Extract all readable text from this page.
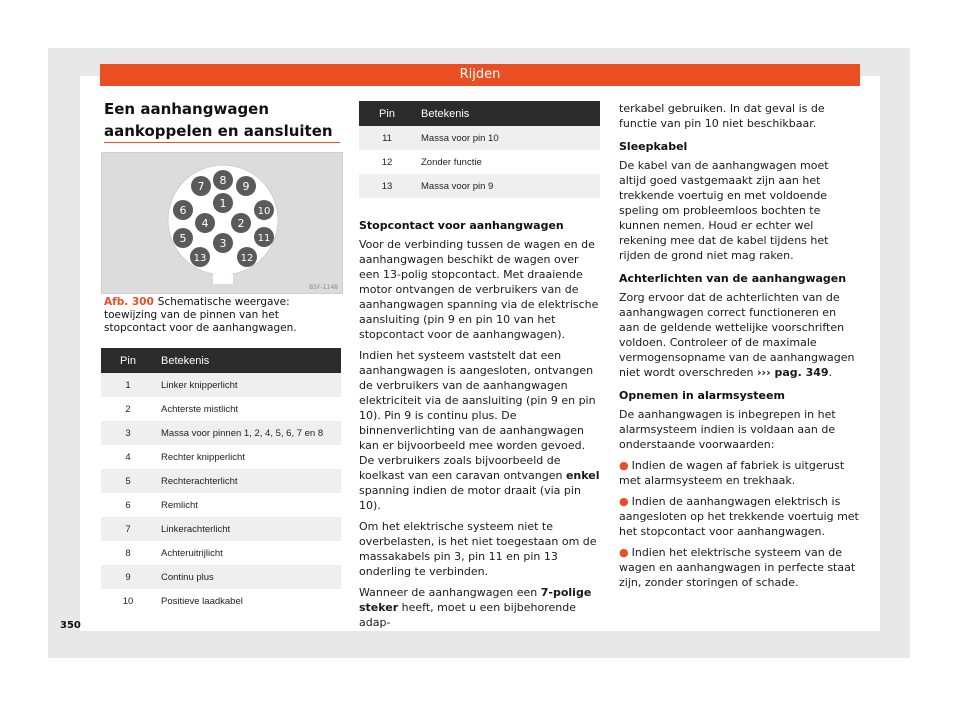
Rijden
Een aanhangwagen aankoppelen en aansluiten
1
2
3
4
5
6
7 8 9
10
11
12
13
B5F-1148
Afb. 300 Schematische weergave: toewijzing van de pinnen van het stopcontact voor de aanhangwagen.
Pin	Betekenis
1	Linker knipperlicht
2	Achterste mistlicht
3	Massa voor pinnen 1, 2, 4, 5, 6, 7 en 8
4	Rechter knipperlicht
5	Rechterachterlicht
6	Remlicht
7	Linkerachterlicht
8	Achteruitrijlicht
9	Continu plus
10	Positieve laadkabel
Pin	Betekenis
11	Massa voor pin 10
12	Zonder functie
13	Massa voor pin 9
Stopcontact voor aanhangwagen

Voor de verbinding tussen de wagen en de aanhangwagen beschikt de wagen over een 13-polig stopcontact. Met draaiende motor ontvangen de verbruikers van de aanhangwagen spanning via de elektrische aansluiting (pin 9 en pin 10 van het stopcontact voor de aanhangwagen).

Indien het systeem vaststelt dat een aanhangwagen is aangesloten, ontvangen de verbruikers van de aanhangwagen elektriciteit via de aansluiting (pin 9 en pin 10). Pin 9 is continu plus. De binnenverlichting van de aanhangwagen kan er bijvoorbeeld mee worden gevoed. De verbruikers zoals bijvoorbeeld de koelkast van een caravan ontvangen enkel spanning indien de motor draait (via pin 10).

Om het elektrische systeem niet te overbelasten, is het niet toegestaan om de massakabels pin 3, pin 11 en pin 13 onderling te verbinden.

Wanneer de aanhangwagen een 7-polige steker heeft, moet u een bijbehorende adap-

terkabel gebruiken. In dat geval is de functie van pin 10 niet beschikbaar.

Sleepkabel

De kabel van de aanhangwagen moet altijd goed vastgemaakt zijn aan het trekkende voertuig en met voldoende speling om probleemloos bochten te kunnen nemen. Houd er echter wel rekening mee dat de kabel tijdens het rijden de grond niet mag raken.

Achterlichten van de aanhangwagen

Zorg ervoor dat de achterlichten van de aanhangwagen correct functioneren en aan de geldende wettelijke voorschriften voldoen. Controleer of de maximale vermogensopname van de aanhangwagen niet wordt overschreden ››› pag. 349.

Opnemen in alarmsysteem

De aanhangwagen is inbegrepen in het alarmsysteem indien is voldaan aan de onderstaande voorwaarden:

● Indien de wagen af fabriek is uitgerust met alarmsysteem en trekhaak.

● Indien de aanhangwagen elektrisch is aangesloten op het trekkende voertuig met het stopcontact voor aanhangwagen.

● Indien het elektrische systeem van de wagen en aanhangwagen in perfecte staat zijn, zonder storingen of schade.

350
